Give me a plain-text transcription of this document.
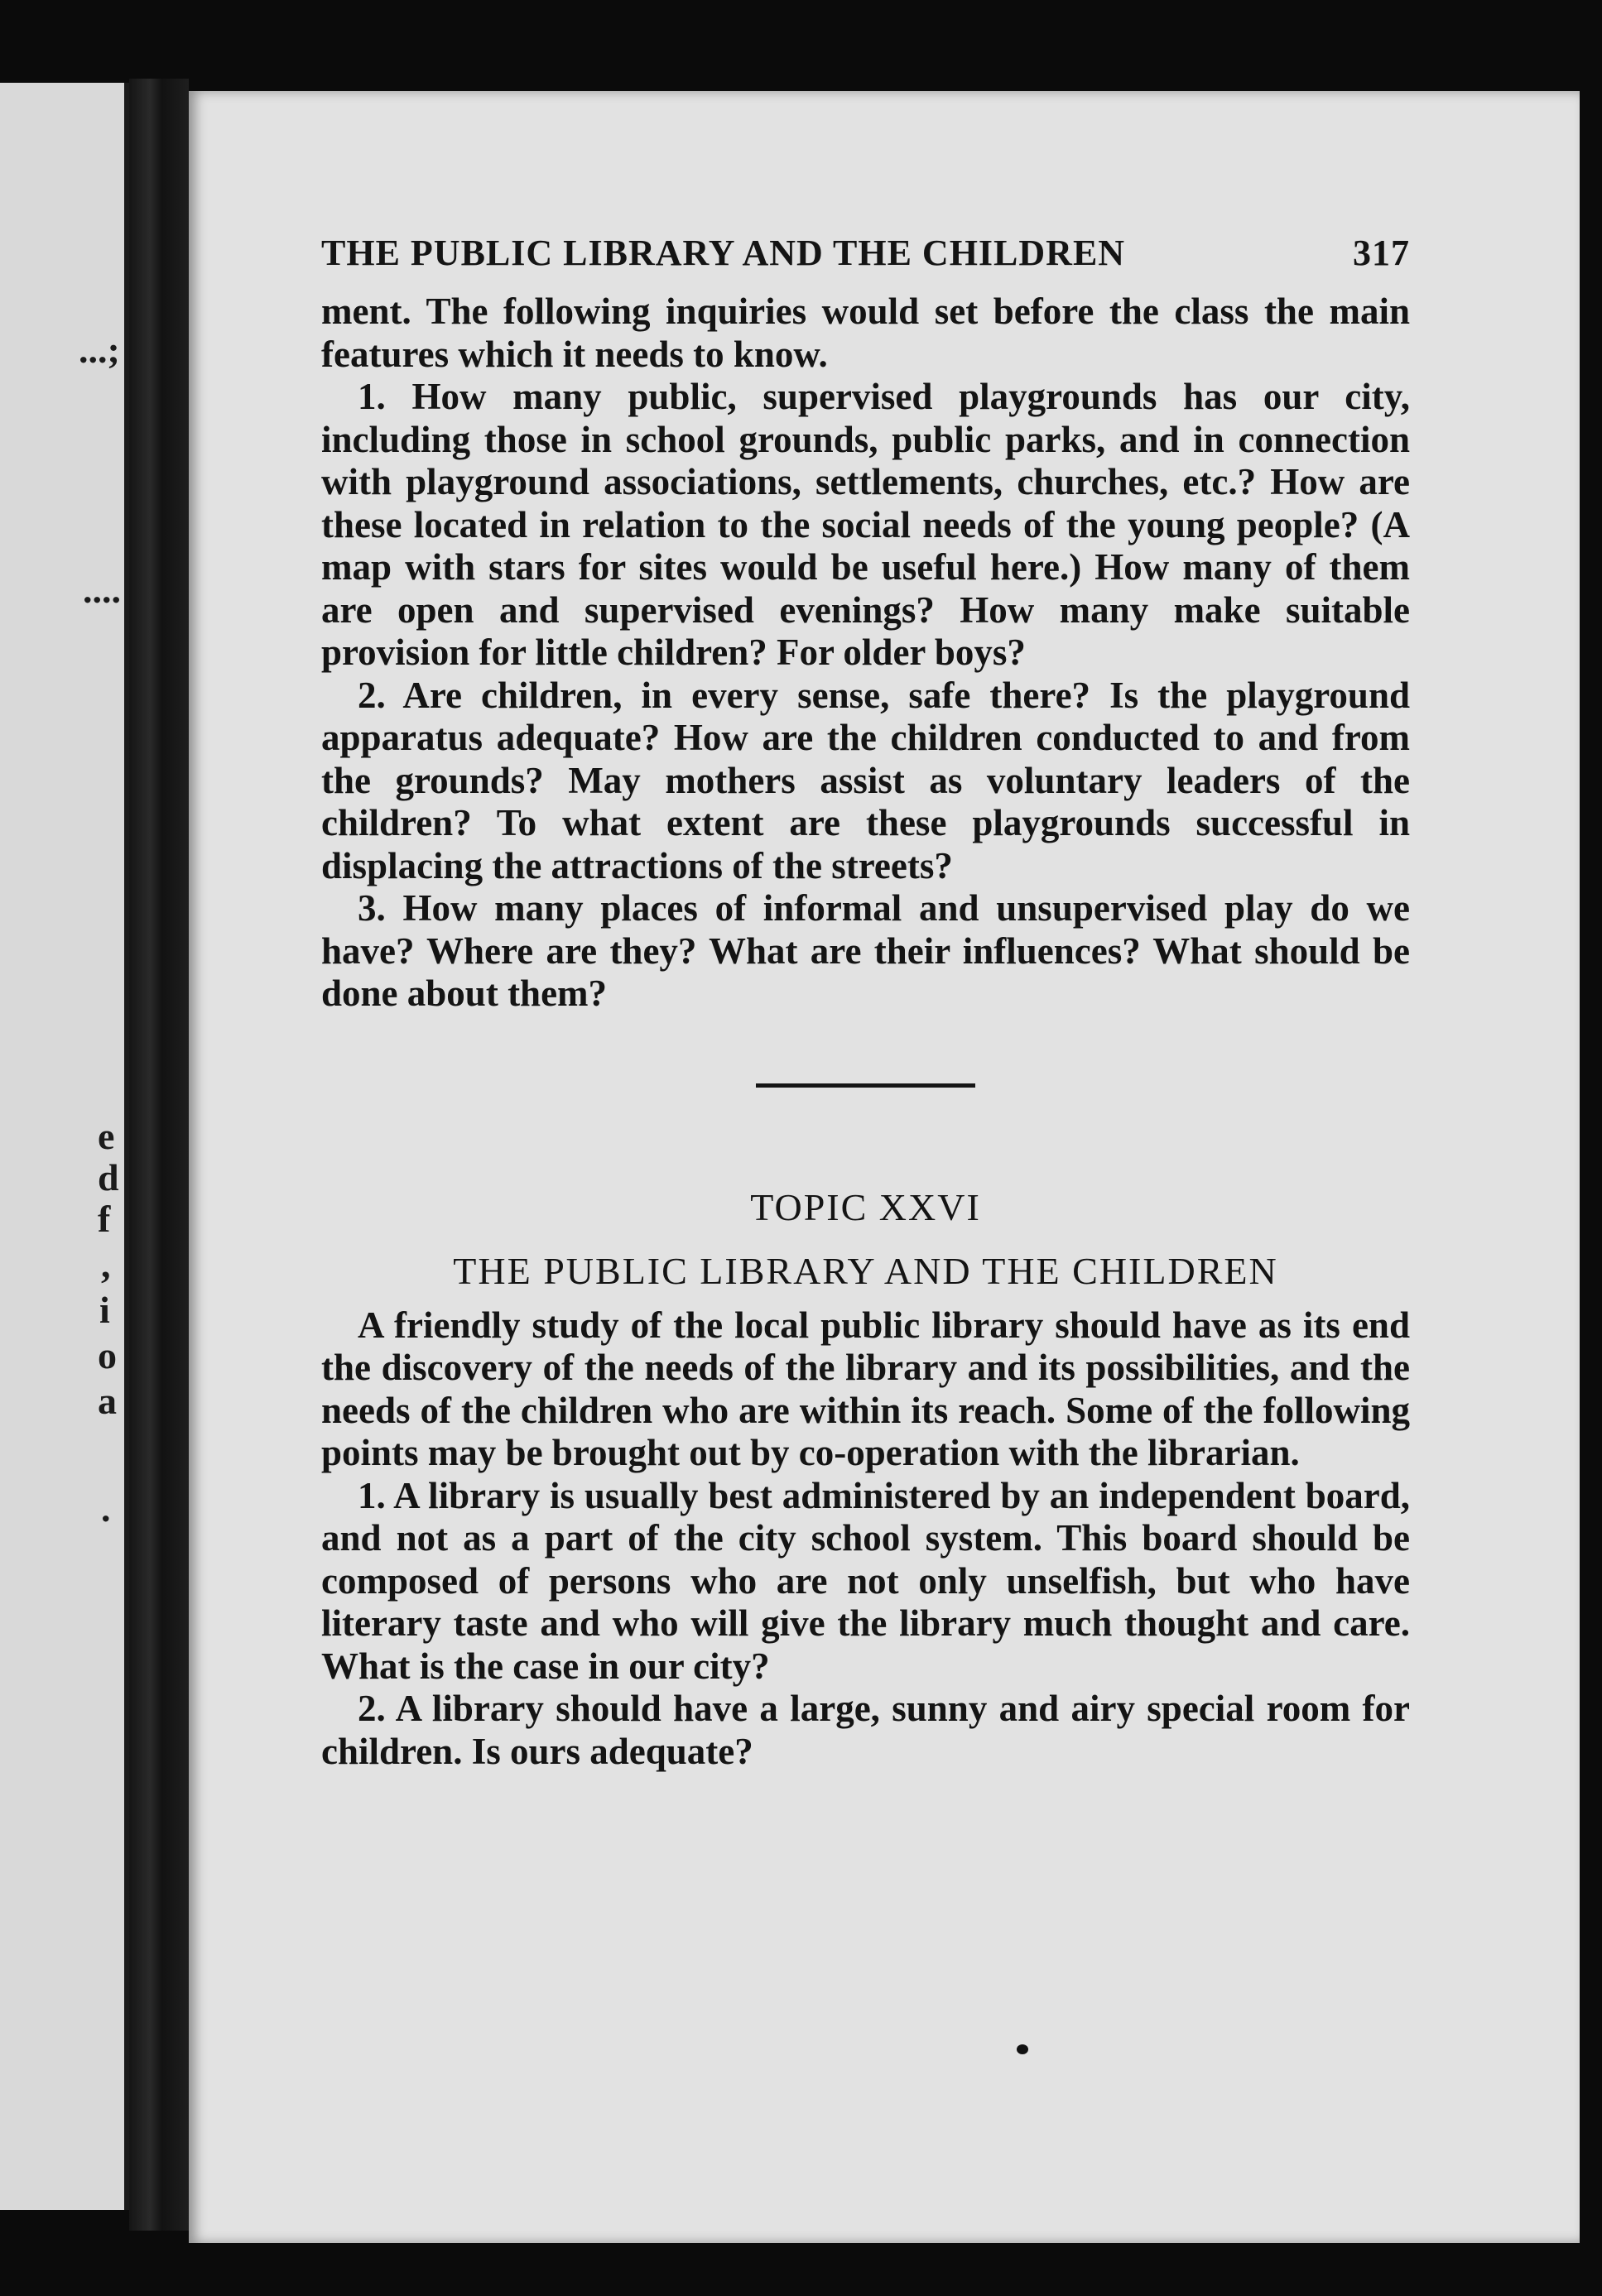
...;
....
e
d
f
,
i
o
a
.
THE PUBLIC LIBRARY AND THE CHILDREN	317

ment. The following inquiries would set before the class the main features which it needs to know.

1. How many public, supervised playgrounds has our city, including those in school grounds, public parks, and in connection with playground associations, settlements, churches, etc.? How are these located in relation to the social needs of the young people? (A map with stars for sites would be useful here.) How many of them are open and supervised evenings? How many make suitable provision for little children? For older boys?

2. Are children, in every sense, safe there? Is the playground apparatus adequate? How are the children conducted to and from the grounds? May mothers assist as voluntary leaders of the children? To what extent are these playgrounds successful in displacing the attractions of the streets?

3. How many places of informal and unsupervised play do we have? Where are they? What are their influences? What should be done about them?

TOPIC XXVI
THE PUBLIC LIBRARY AND THE CHILDREN

A friendly study of the local public library should have as its end the discovery of the needs of the library and its possibilities, and the needs of the children who are within its reach. Some of the following points may be brought out by co-operation with the librarian.

1. A library is usually best administered by an independent board, and not as a part of the city school system. This board should be composed of persons who are not only unselfish, but who have literary taste and who will give the library much thought and care. What is the case in our city?

2. A library should have a large, sunny and airy special room for children. Is ours adequate?
